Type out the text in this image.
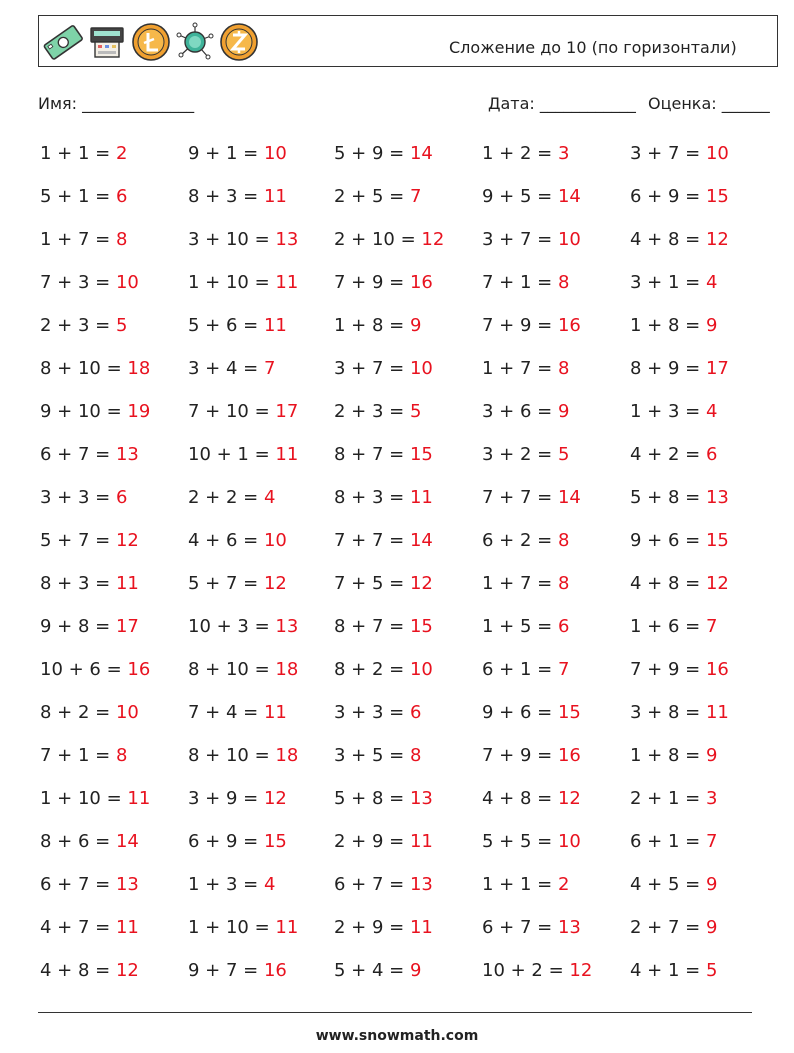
Сложение до 10 (по горизонтали)
Имя: ______________	Дата: ____________ Оценка: ______
1 + 1 = 2	9 + 1 = 10	5 + 9 = 14	1 + 2 = 3	3 + 7 = 10
5 + 1 = 6	8 + 3 = 11	2 + 5 = 7	9 + 5 = 14	6 + 9 = 15
1 + 7 = 8	3 + 10 = 13 2 + 10 = 12 3 + 7 = 10	4 + 8 = 12
7 + 3 = 10	1 + 10 = 11 7 + 9 = 16	7 + 1 = 8	3 + 1 = 4
2 + 3 = 5	5 + 6 = 11	1 + 8 = 9	7 + 9 = 16	1 + 8 = 9
8 + 10 = 18 3 + 4 = 7	3 + 7 = 10	1 + 7 = 8	8 + 9 = 17
9 + 10 = 19 7 + 10 = 17 2 + 3 = 5	3 + 6 = 9	1 + 3 = 4
6 + 7 = 13	10 + 1 = 11 8 + 7 = 15	3 + 2 = 5	4 + 2 = 6
3 + 3 = 6	2 + 2 = 4	8 + 3 = 11	7 + 7 = 14	5 + 8 = 13
5 + 7 = 12	4 + 6 = 10	7 + 7 = 14	6 + 2 = 8	9 + 6 = 15
8 + 3 = 11	5 + 7 = 12	7 + 5 = 12	1 + 7 = 8	4 + 8 = 12
9 + 8 = 17	10 + 3 = 13 8 + 7 = 15	1 + 5 = 6	1 + 6 = 7
10 + 6 = 16 8 + 10 = 18 8 + 2 = 10	6 + 1 = 7	7 + 9 = 16
8 + 2 = 10	7 + 4 = 11	3 + 3 = 6	9 + 6 = 15	3 + 8 = 11
7 + 1 = 8	8 + 10 = 18 3 + 5 = 8	7 + 9 = 16	1 + 8 = 9
1 + 10 = 11 3 + 9 = 12	5 + 8 = 13	4 + 8 = 12	2 + 1 = 3
8 + 6 = 14	6 + 9 = 15	2 + 9 = 11	5 + 5 = 10	6 + 1 = 7
6 + 7 = 13	1 + 3 = 4	6 + 7 = 13	1 + 1 = 2	4 + 5 = 9
4 + 7 = 11	1 + 10 = 11 2 + 9 = 11	6 + 7 = 13	2 + 7 = 9
4 + 8 = 12	9 + 7 = 16	5 + 4 = 9	10 + 2 = 12 4 + 1 = 5
www.snowmath.com
